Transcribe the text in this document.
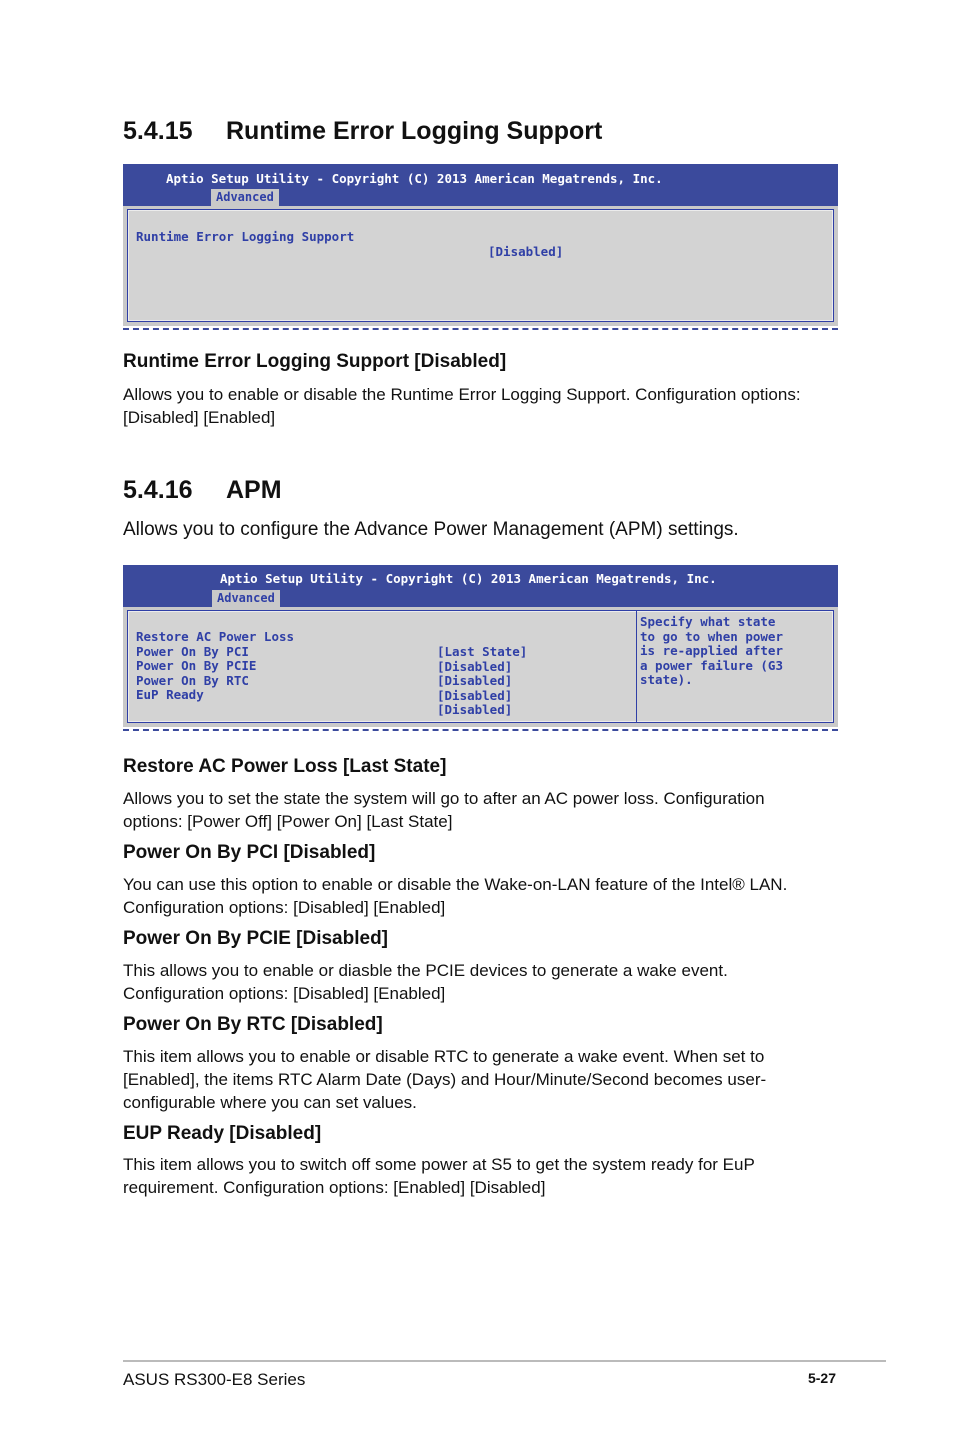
5.4.15 Runtime Error Logging Support
Aptio Setup Utility - Copyright (C) 2013 American Megatrends, Inc.
Advanced

Runtime Error Logging Support

[Disabled]

Runtime Error Logging Support [Disabled]

Allows you to enable or disable the Runtime Error Logging Support. Configuration options: [Disabled] [Enabled]

5.4.16 APM

Allows you to configure the Advance Power Management (APM) settings.

Aptio Setup Utility - Copyright (C) 2013 American Megatrends, Inc.
Advanced

Restore AC Power Loss

[Last State]

Power On By PCI

[Disabled]

Power On By PCIE

[Disabled]

Power On By RTC

[Disabled]

EuP Ready

[Disabled]

Specify what state
to go to when power
is re-applied after
a power failure (G3
state).
Restore AC Power Loss [Last State]

Allows you to set the state the system will go to after an AC power loss. Configuration options: [Power Off] [Power On] [Last State]

Power On By PCI [Disabled]

You can use this option to enable or disable the Wake-on-LAN feature of the Intel® LAN. Configuration options: [Disabled] [Enabled]

Power On By PCIE [Disabled]

This allows you to enable or diasble the PCIE devices to generate a wake event. Configuration options: [Disabled] [Enabled]

Power On By RTC [Disabled]

This item allows you to enable or disable RTC to generate a wake event. When set to [Enabled], the items RTC Alarm Date (Days) and Hour/Minute/Second becomes user-configurable where you can set values.

EUP Ready [Disabled]

This item allows you to switch off some power at S5 to get the system ready for EuP requirement. Configuration options: [Enabled] [Disabled]

ASUS RS300-E8 Series	5-27
